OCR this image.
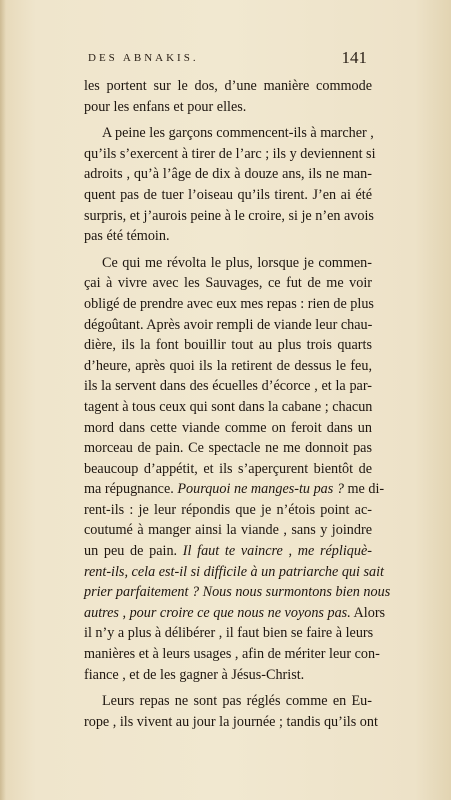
DES ABNAKIS.	141
les portent sur le dos, d’une manière commode
pour les enfans et pour elles.
A peine les garçons commencent-ils à marcher ,
qu’ils s’exercent à tirer de l’arc ; ils y deviennent si
adroits , qu’à l’âge de dix à douze ans, ils ne man-
quent pas de tuer l’oiseau qu’ils tirent. J’en ai été
surpris, et j’aurois peine à le croire, si je n’en avois
pas été témoin.
Ce qui me révolta le plus, lorsque je commen-
çai à vivre avec les Sauvages, ce fut de me voir
obligé de prendre avec eux mes repas : rien de plus
dégoûtant. Après avoir rempli de viande leur chau-
dière, ils la font bouillir tout au plus trois quarts
d’heure, après quoi ils la retirent de dessus le feu,
ils la servent dans des écuelles d’écorce , et la par-
tagent à tous ceux qui sont dans la cabane ; chacun
mord dans cette viande comme on feroit dans un
morceau de pain. Ce spectacle ne me donnoit pas
beaucoup d’appétit, et ils s’aperçurent bientôt de
ma répugnance. Pourquoi ne manges-tu pas ? me di-
rent-ils : je leur répondis que je n’étois point ac-
coutumé à manger ainsi la viande , sans y joindre
un peu de pain. Il faut te vaincre , me répliquè-
rent-ils, cela est-il si difficile à un patriarche qui sait
prier parfaitement ? Nous nous surmontons bien nous
autres , pour croire ce que nous ne voyons pas. Alors
il n’y a plus à délibérer , il faut bien se faire à leurs
manières et à leurs usages , afin de mériter leur con-
fiance , et de les gagner à Jésus-Christ.
Leurs repas ne sont pas réglés comme en Eu-
rope , ils vivent au jour la journée ; tandis qu’ils ont
